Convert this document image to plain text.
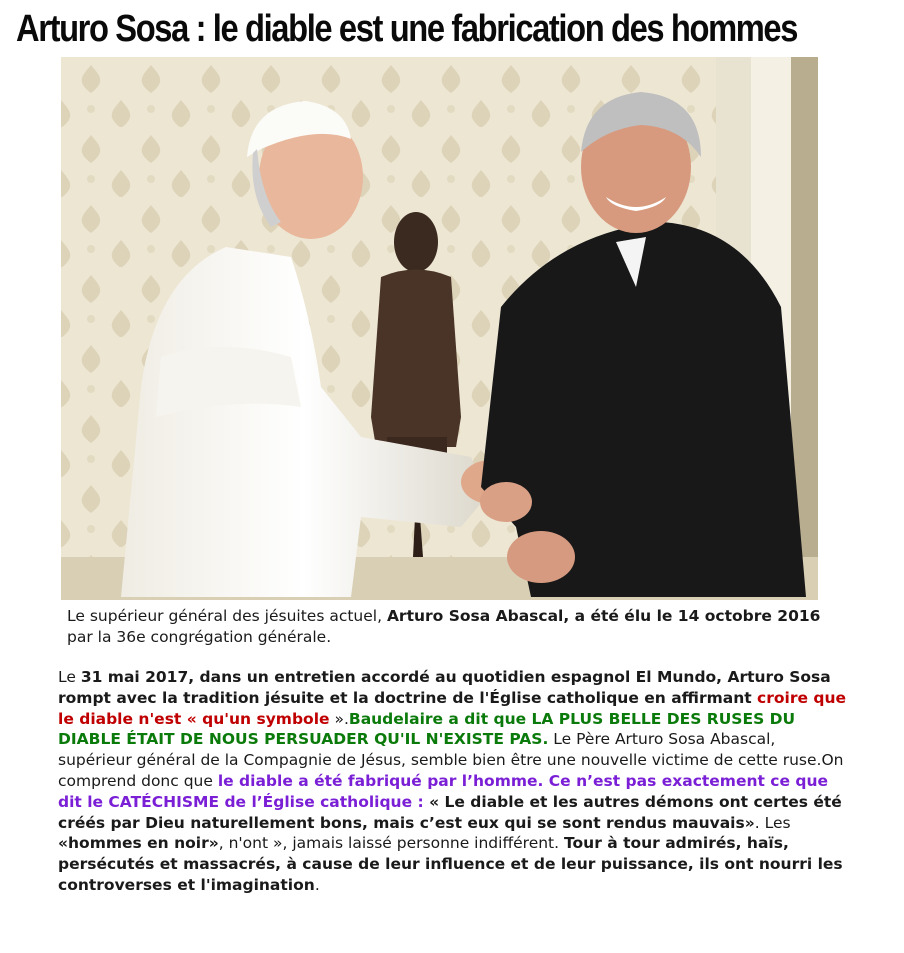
Arturo Sosa : le diable est une fabrication des hommes
Le supérieur général des jésuites actuel, Arturo Sosa Abascal, a été élu le 14 octobre 2016 par la 36e congrégation générale.
Le 31 mai 2017, dans un entretien accordé au quotidien espagnol El Mundo, Arturo Sosa rompt avec la tradition jésuite et la doctrine de l'Église catholique en affirmant croire que le diable n'est « qu'un symbole ».Baudelaire a dit que LA PLUS BELLE DES RUSES DU DIABLE ÉTAIT DE NOUS PERSUADER QU'IL N'EXISTE PAS. Le Père Arturo Sosa Abascal, supérieur général de la Compagnie de Jésus, semble bien être une nouvelle victime de cette ruse.On comprend donc que le diable a été fabriqué par l’homme. Ce n’est pas exactement ce que dit le CATÉCHISME de l’Église catholique : « Le diable et les autres démons ont certes été créés par Dieu naturellement bons, mais c’est eux qui se sont rendus mauvais». Les «hommes en noir», n'ont », jamais laissé personne indifférent. Tour à tour admirés, haïs, persécutés et massacrés, à cause de leur influence et de leur puissance, ils ont nourri les controverses et l'imagination.
